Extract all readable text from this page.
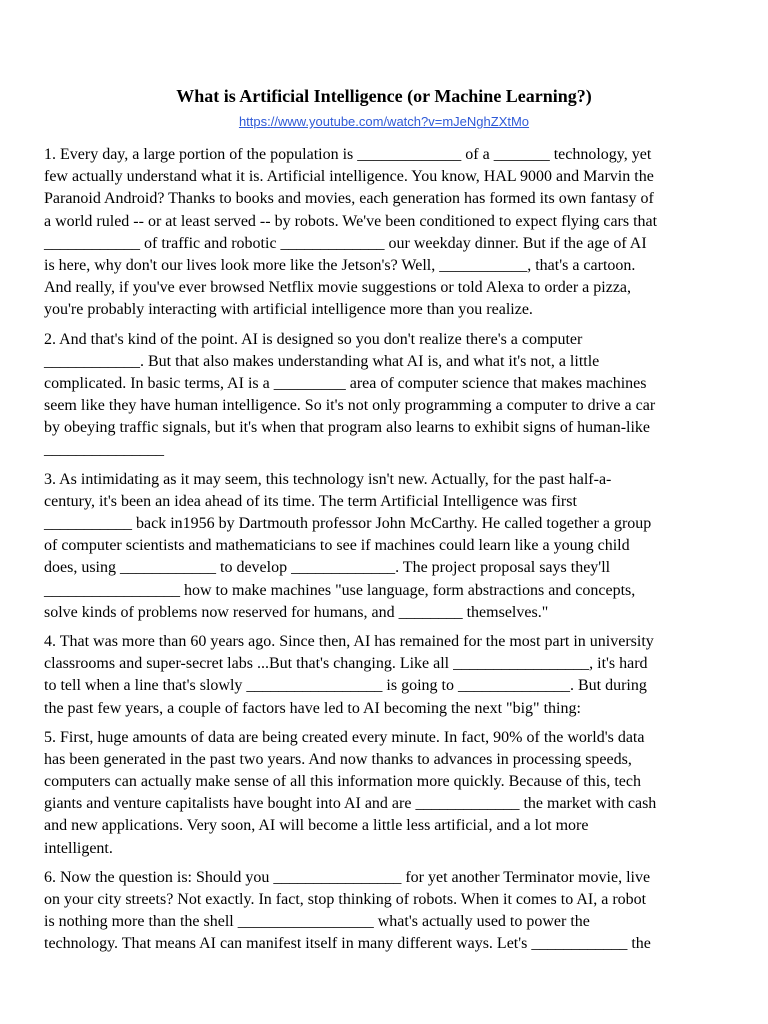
What is Artificial Intelligence (or Machine Learning?)
https://www.youtube.com/watch?v=mJeNghZXtMo
1. Every day, a large portion of the population is _____________ of a _______ technology, yet
few actually understand what it is. Artificial intelligence. You know, HAL 9000 and Marvin the
Paranoid Android? Thanks to books and movies, each generation has formed its own fantasy of
a world ruled -- or at least served -- by robots. We've been conditioned to expect flying cars that
____________ of traffic and robotic _____________ our weekday dinner. But if the age of AI
is here, why don't our lives look more like the Jetson's? Well, ___________, that's a cartoon.
And really, if you've ever browsed Netflix movie suggestions or told Alexa to order a pizza,
you're probably interacting with artificial intelligence more than you realize.
2. And that's kind of the point. AI is designed so you don't realize there's a computer
____________. But that also makes understanding what AI is, and what it's not, a little
complicated. In basic terms, AI is a _________ area of computer science that makes machines
seem like they have human intelligence. So it's not only programming a computer to drive a car
by obeying traffic signals, but it's when that program also learns to exhibit signs of human-like
_______________
3. As intimidating as it may seem, this technology isn't new. Actually, for the past half-a-
century, it's been an idea ahead of its time. The term Artificial Intelligence was first
___________ back in1956 by Dartmouth professor John McCarthy. He called together a group
of computer scientists and mathematicians to see if machines could learn like a young child
does, using ____________ to develop _____________. The project proposal says they'll
_________________ how to make machines "use language, form abstractions and concepts,
solve kinds of problems now reserved for humans, and ________ themselves."
4. That was more than 60 years ago. Since then, AI has remained for the most part in university
classrooms and super-secret labs ...But that's changing. Like all _________________, it's hard
to tell when a line that's slowly _________________ is going to ______________. But during
the past few years, a couple of factors have led to AI becoming the next "big" thing:
5. First, huge amounts of data are being created every minute. In fact, 90% of the world's data
has been generated in the past two years. And now thanks to advances in processing speeds,
computers can actually make sense of all this information more quickly. Because of this, tech
giants and venture capitalists have bought into AI and are _____________ the market with cash
and new applications. Very soon, AI will become a little less artificial, and a lot more
intelligent.
6. Now the question is: Should you ________________ for yet another Terminator movie, live
on your city streets? Not exactly. In fact, stop thinking of robots. When it comes to AI, a robot
is nothing more than the shell _________________ what's actually used to power the
technology. That means AI can manifest itself in many different ways. Let's ____________ the
